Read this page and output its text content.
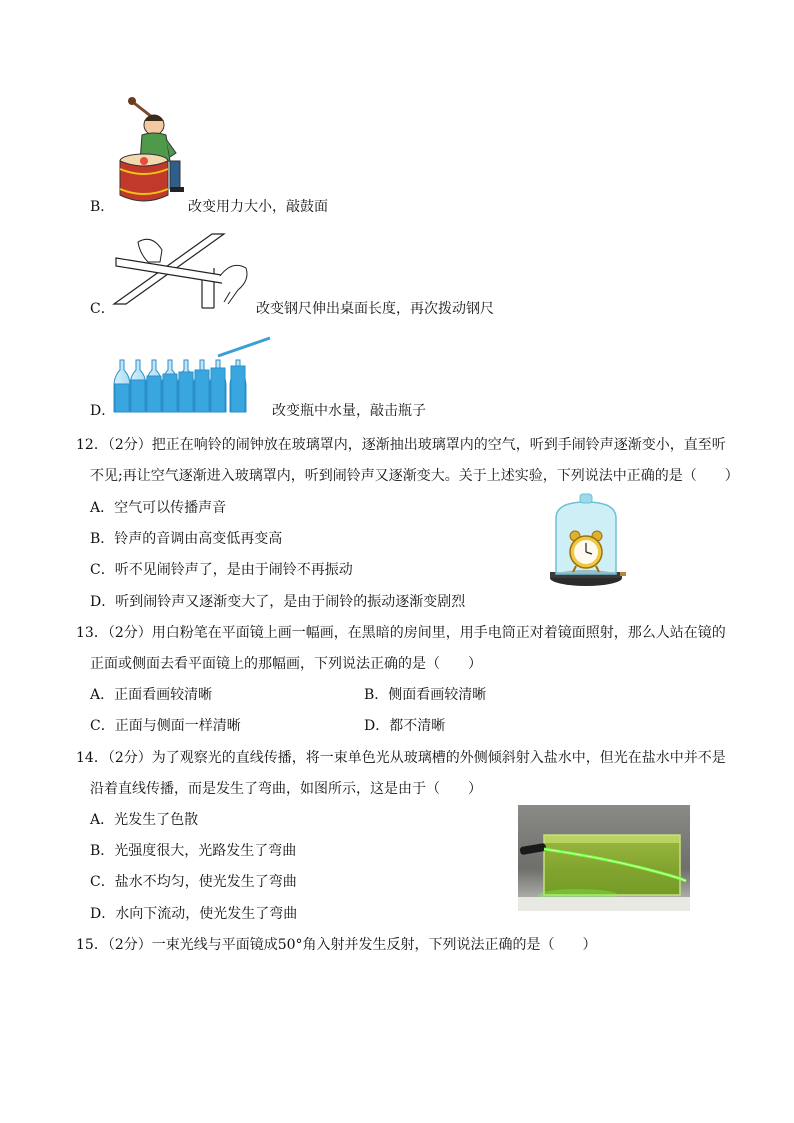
B．	改变用力大小，敲鼓面
C．	改变钢尺伸出桌面长度，再次拨动钢尺
D．	改变瓶中水量，敲击瓶子
12．（2分）把正在响铃的闹钟放在玻璃罩内，逐渐抽出玻璃罩内的空气，听到手闹铃声逐渐变小，直至听
不见;再让空气逐渐进入玻璃罩内，听到闹铃声又逐渐变大。关于上述实验，下列说法中正确的是（　　）
A．空气可以传播声音
B．铃声的音调由高变低再变高
C．听不见闹铃声了，是由于闹铃不再振动
D．听到闹铃声又逐渐变大了，是由于闹铃的振动逐渐变剧烈
13．（2分）用白粉笔在平面镜上画一幅画，在黑暗的房间里，用手电筒正对着镜面照射，那么人站在镜的
正面或侧面去看平面镜上的那幅画，下列说法正确的是（　　）
A．正面看画较清晰	B．侧面看画较清晰
C．正面与侧面一样清晰	D．都不清晰
14．（2分）为了观察光的直线传播，将一束单色光从玻璃槽的外侧倾斜射入盐水中，但光在盐水中并不是
沿着直线传播，而是发生了弯曲，如图所示，这是由于（　　）
A．光发生了色散
B．光强度很大，光路发生了弯曲
C．盐水不均匀，使光发生了弯曲
D．水向下流动，使光发生了弯曲
15．（2分）一束光线与平面镜成50°角入射并发生反射，下列说法正确的是（　　）
